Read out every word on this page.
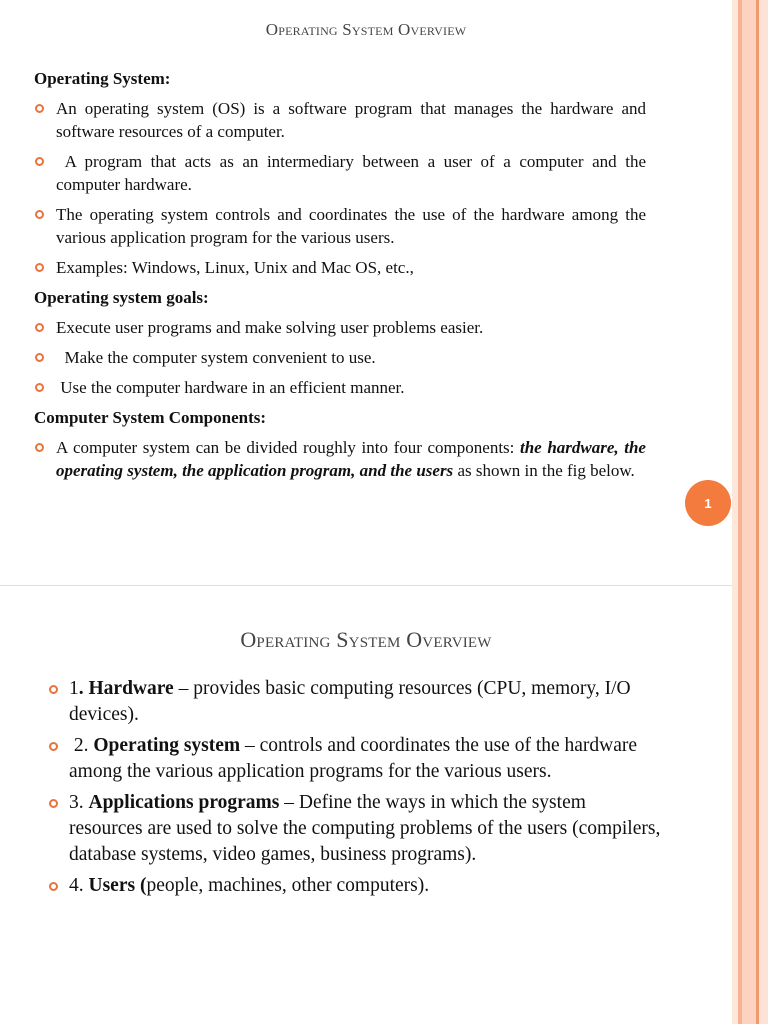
Operating System Overview
Operating System:
An operating system (OS) is a software program that manages the hardware and software resources of a computer.
A program that acts as an intermediary between a user of a computer and the computer hardware.
The operating system controls and coordinates the use of the hardware among the various application program for the various users.
Examples: Windows, Linux, Unix and Mac OS, etc.,
Operating system goals:
Execute user programs and make solving user problems easier.
Make the computer system convenient to use.
Use the computer hardware in an efficient manner.
Computer System Components:
A computer system can be divided roughly into four components: the hardware, the operating system, the application program, and the users as shown in the fig below.
1
Operating System Overview
1. Hardware – provides basic computing resources (CPU, memory, I/O devices).
2. Operating system – controls and coordinates the use of the hardware among the various application programs for the various users.
3. Applications programs – Define the ways in which the system resources are used to solve the computing problems of the users (compilers, database systems, video games, business programs).
4. Users (people, machines, other computers).
